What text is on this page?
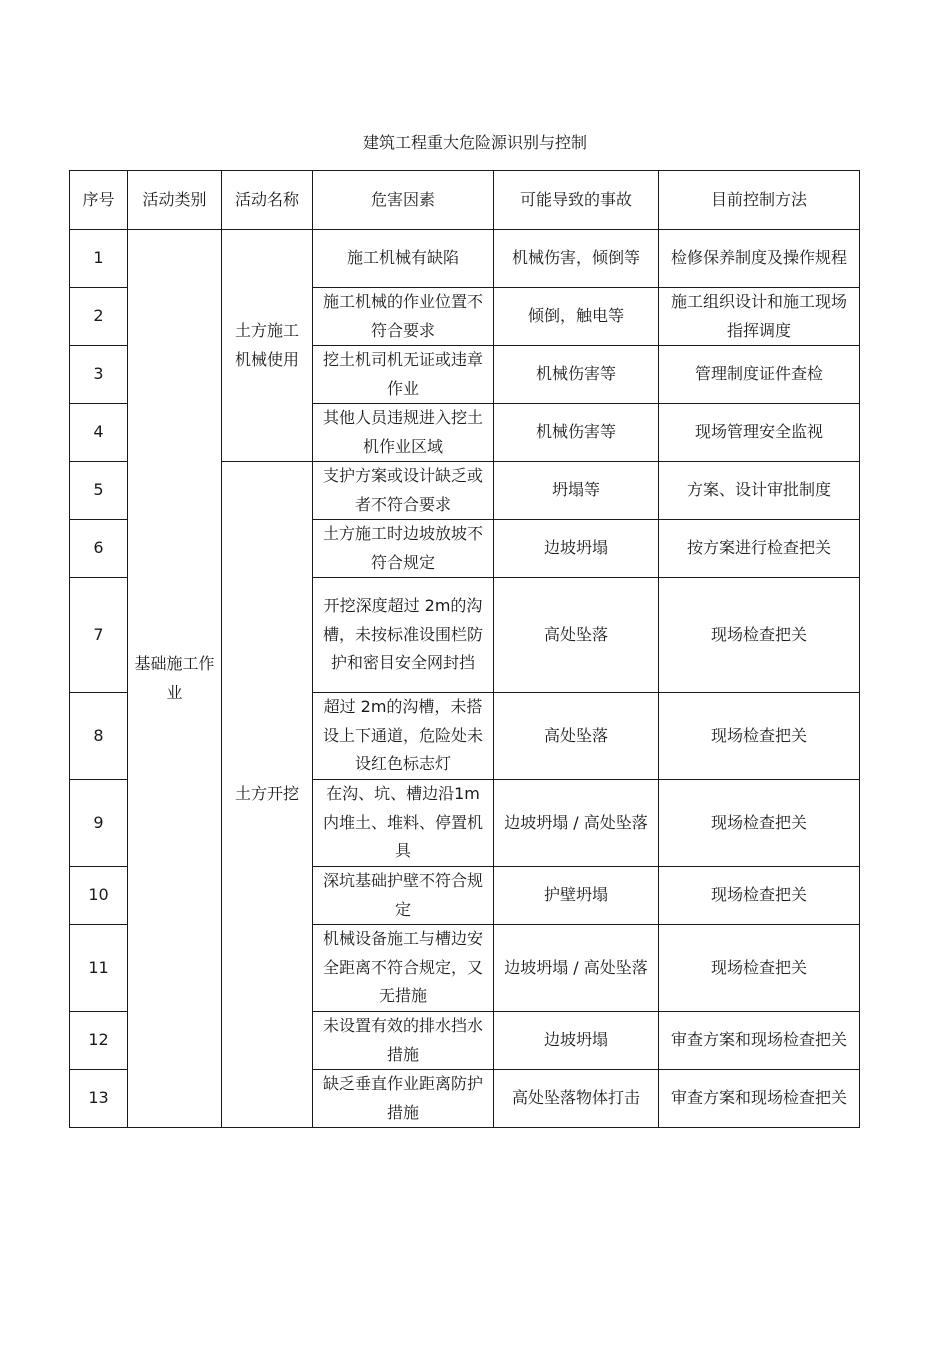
建筑工程重大危险源识别与控制
序号	活动类别	活动名称	危害因素	可能导致的事故	目前控制方法
1	基础施工作业	土方施工机械使用	施工机械有缺陷	机械伤害，倾倒等	检修保养制度及操作规程
2			施工机械的作业位置不符合要求	倾倒，触电等	施工组织设计和施工现场指挥调度
3			挖土机司机无证或违章作业	机械伤害等	管理制度证件查检
4			其他人员违规进入挖土机作业区域	机械伤害等	现场管理安全监视
5		土方开挖	支护方案或设计缺乏或者不符合要求	坍塌等	方案、设计审批制度
6			土方施工时边坡放坡不符合规定	边坡坍塌	按方案进行检查把关
7			开挖深度超过 2m的沟槽，未按标准设围栏防护和密目安全网封挡	高处坠落	现场检查把关
8			超过 2m的沟槽，未搭设上下通道，危险处未设红色标志灯	高处坠落	现场检查把关
9			在沟、坑、槽边沿1m内堆土、堆料、停置机具	边坡坍塌 / 高处坠落	现场检查把关
10			深坑基础护壁不符合规定	护壁坍塌	现场检查把关
11			机械设备施工与槽边安全距离不符合规定，又无措施	边坡坍塌 / 高处坠落	现场检查把关
12			未设置有效的排水挡水措施	边坡坍塌	审查方案和现场检查把关
13			缺乏垂直作业距离防护措施	高处坠落物体打击	审查方案和现场检查把关
